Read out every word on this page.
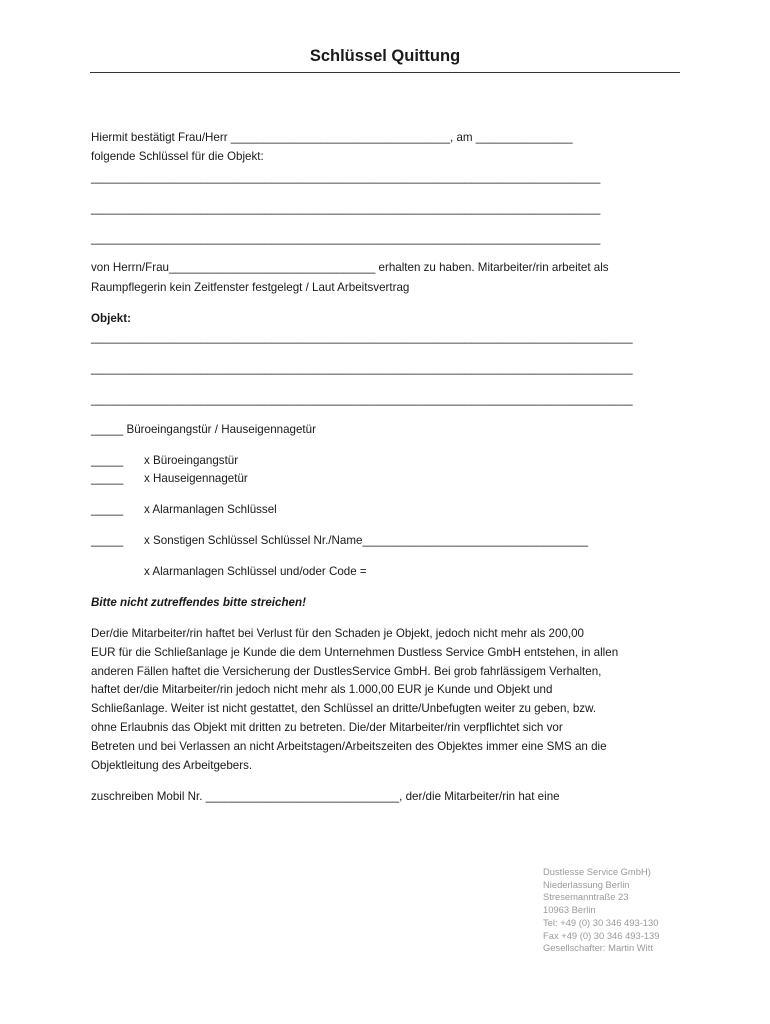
Schlüssel Quittung
Hiermit bestätigt Frau/Herr __________________________________, am _______________
folgende Schlüssel für die Objekt:
_______________________________________________________________________________
_______________________________________________________________________________
_______________________________________________________________________________
von Herrn/Frau________________________________ erhalten zu haben. Mitarbeiter/rin arbeitet als
Raumpflegerin kein Zeitfenster festgelegt / Laut Arbeitsvertrag
Objekt:
____________________________________________________________________________________
____________________________________________________________________________________
____________________________________________________________________________________
_____ Büroeingangstür / Hauseigennagetür
_____ x Büroeingangstür
_____ x Hauseigennagetür
_____ x Alarmanlagen Schlüssel
_____ x Sonstigen Schlüssel Schlüssel Nr./Name___________________________________
x Alarmanlagen Schlüssel und/oder Code =
Bitte nicht zutreffendes bitte streichen!
Der/die Mitarbeiter/rin haftet bei Verlust für den Schaden je Objekt, jedoch nicht mehr als 200,00
EUR für die Schließanlage je Kunde die dem Unternehmen Dustless Service GmbH entstehen, in allen
anderen Fällen haftet die Versicherung der DustlesService GmbH. Bei grob fahrlässigem Verhalten,
haftet der/die Mitarbeiter/rin jedoch nicht mehr als 1.000,00 EUR je Kunde und Objekt und
Schließanlage. Weiter ist nicht gestattet, den Schlüssel an dritte/Unbefugten weiter zu geben, bzw.
ohne Erlaubnis das Objekt mit dritten zu betreten. Die/der Mitarbeiter/rin verpflichtet sich vor
Betreten und bei Verlassen an nicht Arbeitstagen/Arbeitszeiten des Objektes immer eine SMS an die
Objektleitung des Arbeitgebers.
zuschreiben Mobil Nr. ______________________________, der/die Mitarbeiter/rin hat eine
Dustlesse Service GmbH)
Niederlassung Berlin
Stresemanntraße 23
10963 Berlin
Tel: +49 (0) 30 346 493-130
Fax +49 (0) 30 346 493-139
Gesellschafter: Martin Witt
